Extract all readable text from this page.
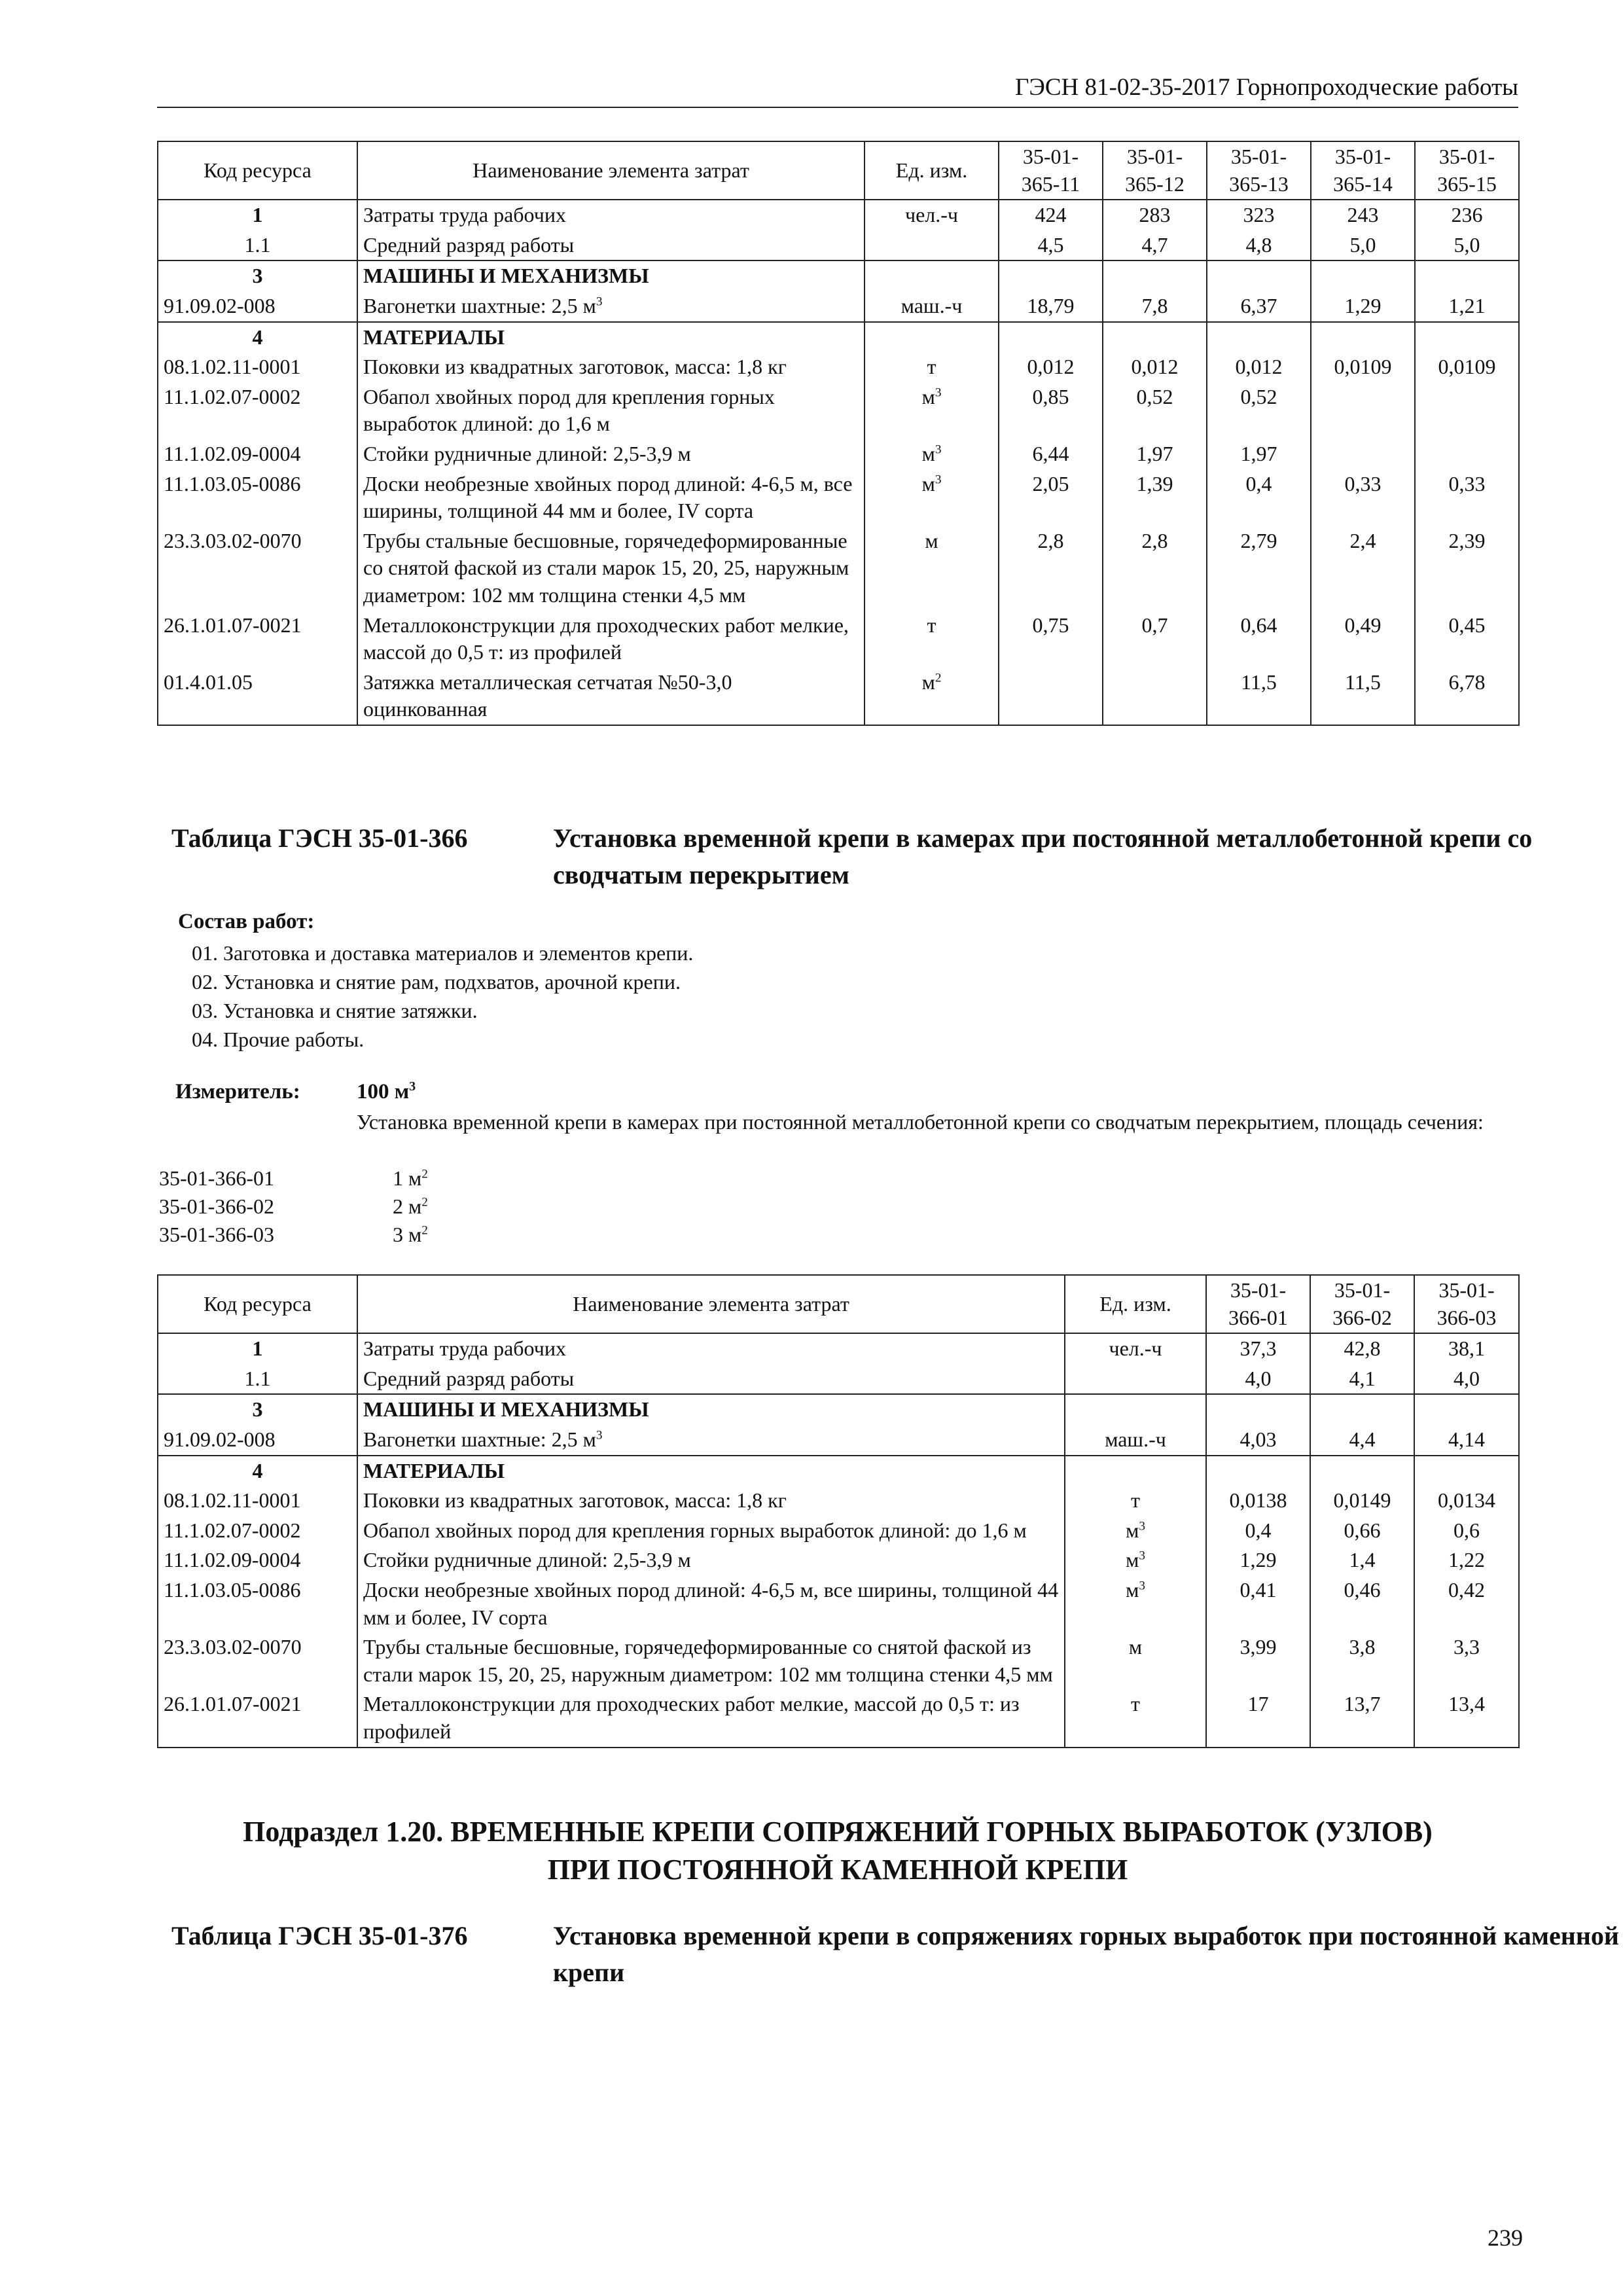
ГЭСН 81-02-35-2017 Горнопроходческие работы
Код ресурса	Наименование элемента затрат	Ед. изм.	35-01-365-11	35-01-365-12	35-01-365-13	35-01-365-14	35-01-365-15
1	Затраты труда рабочих	чел.-ч	424	283	323	243	236
1.1	Средний разряд работы		4,5	4,7	4,8	5,0	5,0
3	МАШИНЫ И МЕХАНИЗМЫ						
91.09.02-008	Вагонетки шахтные: 2,5 $м^3$	маш.-ч	18,79	7,8	6,37	1,29	1,21
4	МАТЕРИАЛЫ						
08.1.02.11-0001	Поковки из квадратных заготовок, масса: 1,8 кг	т	0,012	0,012	0,012	0,0109	0,0109
11.1.02.07-0002	Обапол хвойных пород для крепления горных выработок длиной: до 1,6 м	$м^3$	0,85	0,52	0,52		
11.1.02.09-0004	Стойки рудничные длиной: 2,5-3,9 м	$м^3$	6,44	1,97	1,97		
11.1.03.05-0086	Доски необрезные хвойных пород длиной: 4-6,5 м, все ширины, толщиной 44 мм и более, IV сорта	$м^3$	2,05	1,39	0,4	0,33	0,33
23.3.03.02-0070	Трубы стальные бесшовные, горячедеформированные со снятой фаской из стали марок 15, 20, 25, наружным диаметром: 102 мм толщина стенки 4,5 мм	м	2,8	2,8	2,79	2,4	2,39
26.1.01.07-0021	Металлоконструкции для проходческих работ мелкие, массой до 0,5 т: из профилей	т	0,75	0,7	0,64	0,49	0,45
01.4.01.05	Затяжка металлическая сетчатая №50-3,0 оцинкованная	$м^2$			11,5	11,5	6,78
Таблица ГЭСН 35-01-366	Установка временной крепи в камерах при постоянной металлобетонной крепи со сводчатым перекрытием
Состав работ:
01. Заготовка и доставка материалов и элементов крепи.
02. Установка и снятие рам, подхватов, арочной крепи.
03. Установка и снятие затяжки.
04. Прочие работы.
Измеритель:	100 $м^3$
Установка временной крепи в камерах при постоянной металлобетонной крепи со сводчатым перекрытием, площадь сечения:
35-01-366-01	1 $м^2$
35-01-366-02	2 $м^2$
35-01-366-03	3 $м^2$
Код ресурса	Наименование элемента затрат	Ед. изм.	35-01-366-01	35-01-366-02	35-01-366-03
1	Затраты труда рабочих	чел.-ч	37,3	42,8	38,1
1.1	Средний разряд работы		4,0	4,1	4,0
3	МАШИНЫ И МЕХАНИЗМЫ				
91.09.02-008	Вагонетки шахтные: 2,5 $м^3$	маш.-ч	4,03	4,4	4,14
4	МАТЕРИАЛЫ				
08.1.02.11-0001	Поковки из квадратных заготовок, масса: 1,8 кг	т	0,0138	0,0149	0,0134
11.1.02.07-0002	Обапол хвойных пород для крепления горных выработок длиной: до 1,6 м	$м^3$	0,4	0,66	0,6
11.1.02.09-0004	Стойки рудничные длиной: 2,5-3,9 м	$м^3$	1,29	1,4	1,22
11.1.03.05-0086	Доски необрезные хвойных пород длиной: 4-6,5 м, все ширины, толщиной 44 мм и более, IV сорта	$м^3$	0,41	0,46	0,42
23.3.03.02-0070	Трубы стальные бесшовные, горячедеформированные со снятой фаской из стали марок 15, 20, 25, наружным диаметром: 102 мм толщина стенки 4,5 мм	м	3,99	3,8	3,3
26.1.01.07-0021	Металлоконструкции для проходческих работ мелкие, массой до 0,5 т: из профилей	т	17	13,7	13,4
Подраздел 1.20. ВРЕМЕННЫЕ КРЕПИ СОПРЯЖЕНИЙ ГОРНЫХ ВЫРАБОТОК (УЗЛОВ)
ПРИ ПОСТОЯННОЙ КАМЕННОЙ КРЕПИ
Таблица ГЭСН 35-01-376	Установка временной крепи в сопряжениях горных выработок при постоянной каменной крепи
239
